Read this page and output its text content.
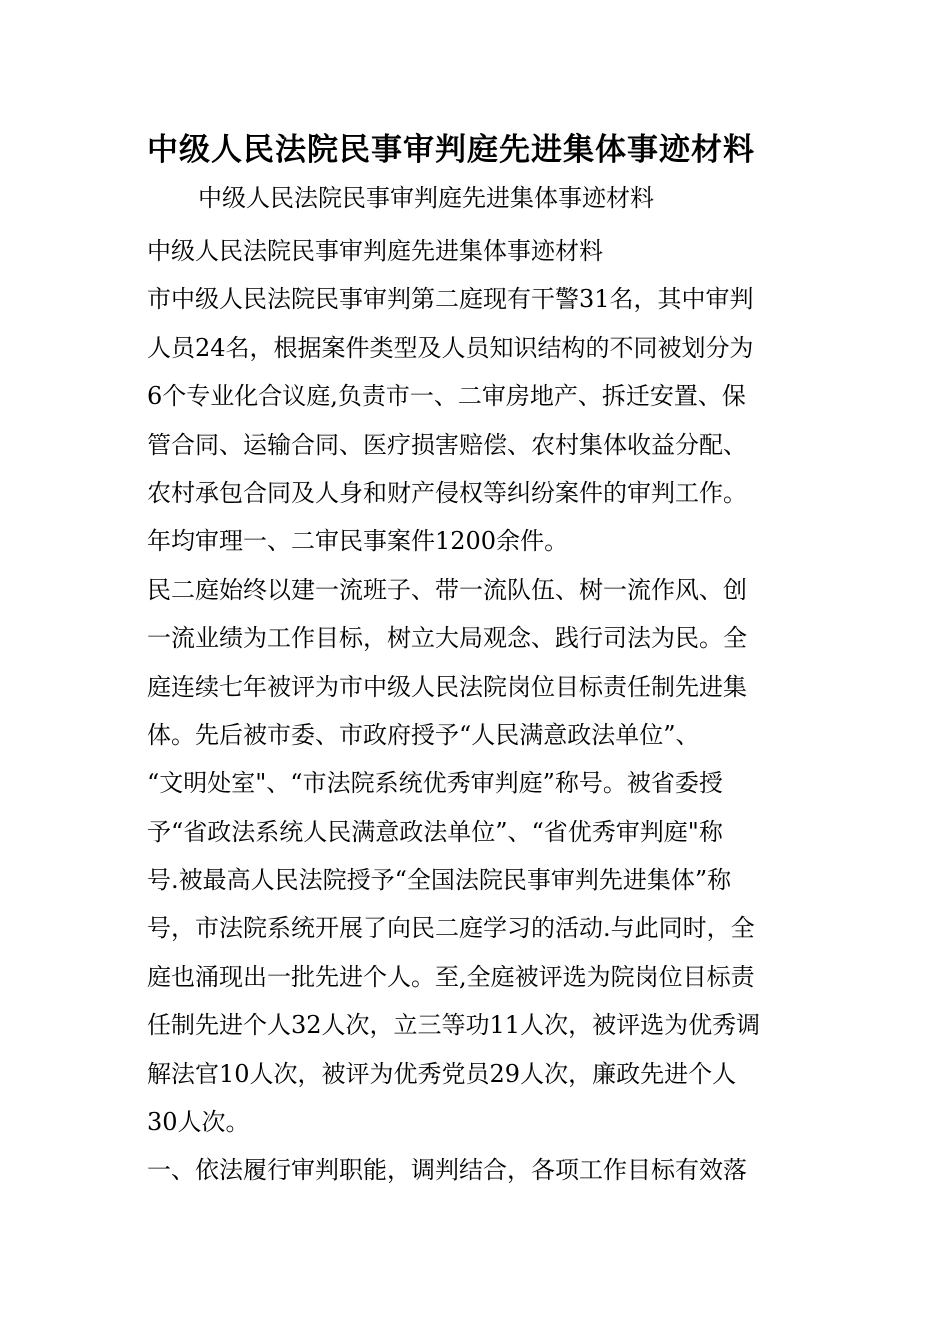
中级人民法院民事审判庭先进集体事迹材料
中级人民法院民事审判庭先进集体事迹材料
中级人民法院民事审判庭先进集体事迹材料
市中级人民法院民事审判第二庭现有干警31名，其中审判
人员24名，根据案件类型及人员知识结构的不同被划分为
6个专业化合议庭,负责市一、二审房地产、拆迁安置、保
管合同、运输合同、医疗损害赔偿、农村集体收益分配、
农村承包合同及人身和财产侵权等纠纷案件的审判工作。
年均审理一、二审民事案件1200余件。
民二庭始终以建一流班子、带一流队伍、树一流作风、创
一流业绩为工作目标，树立大局观念、践行司法为民。全
庭连续七年被评为市中级人民法院岗位目标责任制先进集
体。先后被市委、市政府授予“人民满意政法单位”、
“文明处室"、“市法院系统优秀审判庭”称号。被省委授
予“省政法系统人民满意政法单位”、“省优秀审判庭"称
号.被最高人民法院授予“全国法院民事审判先进集体”称
号，市法院系统开展了向民二庭学习的活动.与此同时，全
庭也涌现出一批先进个人。至,全庭被评选为院岗位目标责
任制先进个人32人次，立三等功11人次，被评选为优秀调
解法官10人次，被评为优秀党员29人次，廉政先进个人
30人次。
一、依法履行审判职能，调判结合，各项工作目标有效落
